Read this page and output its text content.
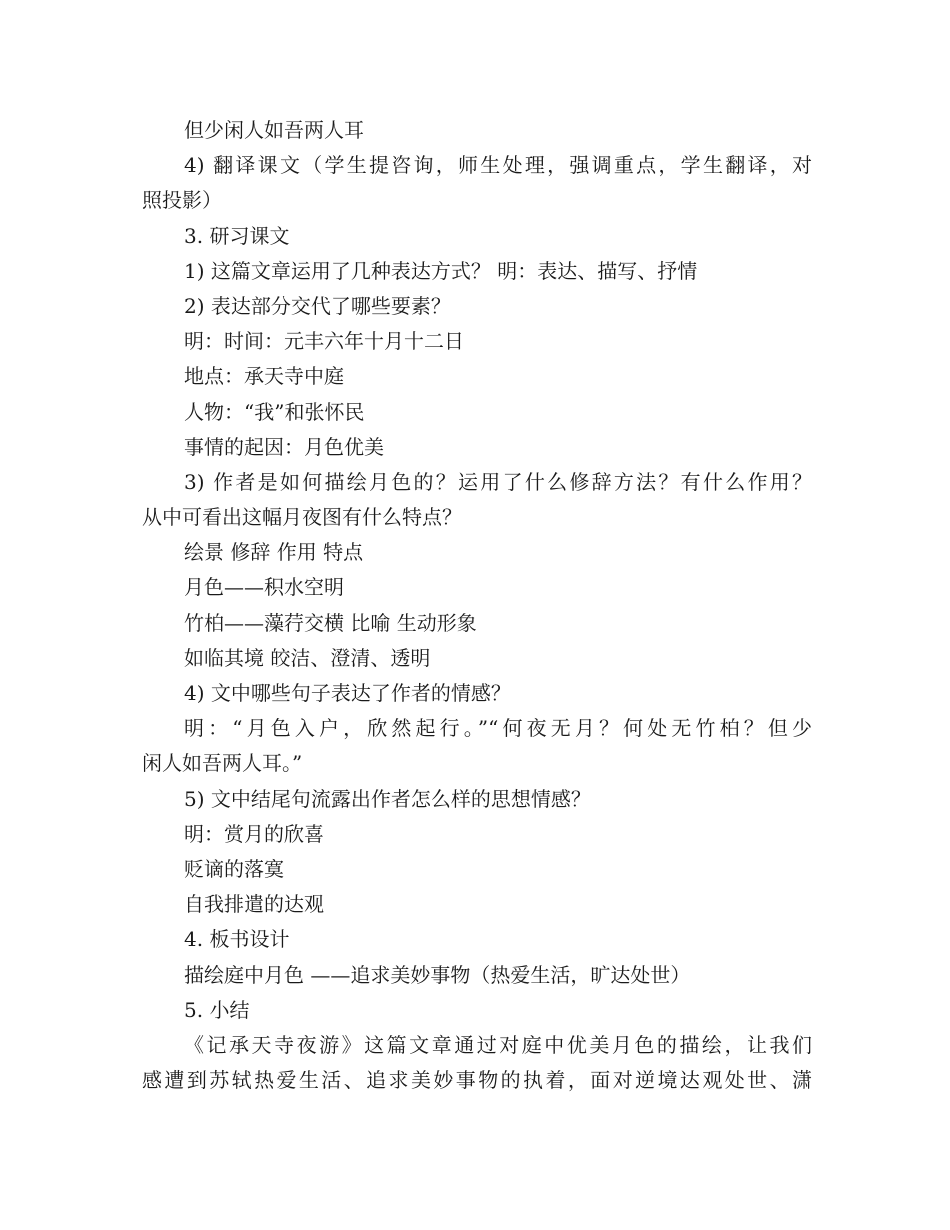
但少闲人如吾两人耳
4) 翻译课文（学生提咨询，师生处理，强调重点，学生翻译，对
照投影）
3. 研习课文
1) 这篇文章运用了几种表达方式？ 明：表达、描写、抒情
2) 表达部分交代了哪些要素？
明：时间：元丰六年十月十二日
地点：承天寺中庭
人物：“我”和张怀民
事情的起因：月色优美
3) 作者是如何描绘月色的？运用了什么修辞方法？有什么作用？
从中可看出这幅月夜图有什么特点？
绘景 修辞 作用 特点
月色——积水空明
竹柏——藻荇交横 比喻 生动形象
如临其境 皎洁、澄清、透明
4) 文中哪些句子表达了作者的情感？
明：“月色入户，欣然起行。”“何夜无月？何处无竹柏？但少
闲人如吾两人耳。”
5) 文中结尾句流露出作者怎么样的思想情感？
明：赏月的欣喜
贬谪的落寞
自我排遣的达观
4. 板书设计
描绘庭中月色 ——追求美妙事物（热爱生活，旷达处世）
5. 小结
《记承天寺夜游》这篇文章通过对庭中优美月色的描绘，让我们
感遭到苏轼热爱生活、追求美妙事物的执着，面对逆境达观处世、潇
